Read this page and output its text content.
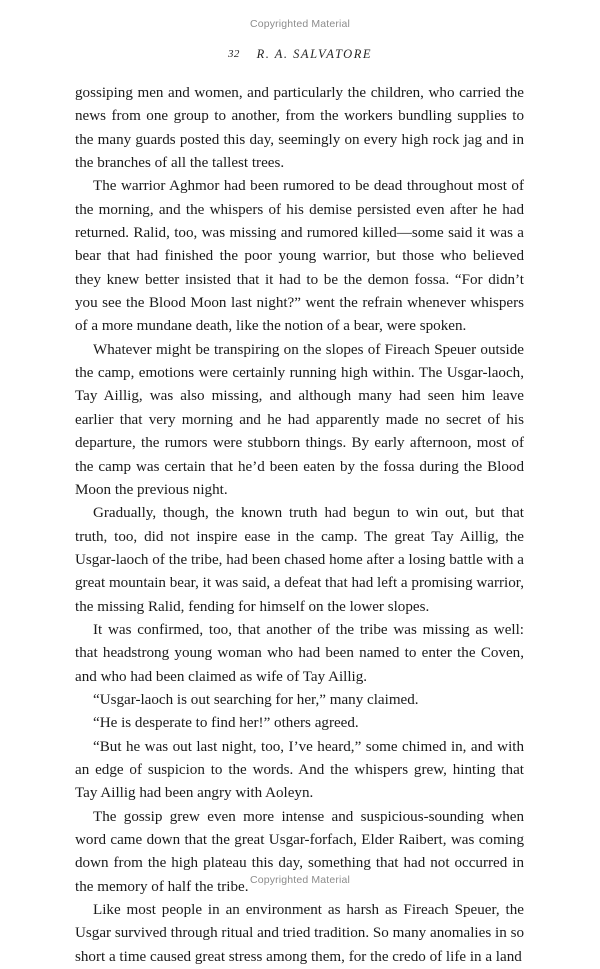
Copyrighted Material
32 R. A. SALVATORE

gossiping men and women, and particularly the children, who carried the news from one group to another, from the workers bundling supplies to the many guards posted this day, seemingly on every high rock jag and in the branches of all the tallest trees.

The warrior Aghmor had been rumored to be dead throughout most of the morning, and the whispers of his demise persisted even after he had returned. Ralid, too, was missing and rumored killed—some said it was a bear that had finished the poor young warrior, but those who believed they knew better insisted that it had to be the demon fossa. “For didn’t you see the Blood Moon last night?” went the refrain whenever whispers of a more mundane death, like the notion of a bear, were spoken.

Whatever might be transpiring on the slopes of Fireach Speuer outside the camp, emotions were certainly running high within. The Usgar-laoch, Tay Aillig, was also missing, and although many had seen him leave earlier that very morning and he had apparently made no secret of his departure, the rumors were stubborn things. By early afternoon, most of the camp was certain that he’d been eaten by the fossa during the Blood Moon the previous night.

Gradually, though, the known truth had begun to win out, but that truth, too, did not inspire ease in the camp. The great Tay Aillig, the Usgar-laoch of the tribe, had been chased home after a losing battle with a great mountain bear, it was said, a defeat that had left a promising warrior, the missing Ralid, fending for himself on the lower slopes.

It was confirmed, too, that another of the tribe was missing as well: that headstrong young woman who had been named to enter the Coven, and who had been claimed as wife of Tay Aillig.

“Usgar-laoch is out searching for her,” many claimed.

“He is desperate to find her!” others agreed.

“But he was out last night, too, I’ve heard,” some chimed in, and with an edge of suspicion to the words. And the whispers grew, hinting that Tay Aillig had been angry with Aoleyn.

The gossip grew even more intense and suspicious-sounding when word came down that the great Usgar-forfach, Elder Raibert, was coming down from the high plateau this day, something that had not occurred in the memory of half the tribe.

Like most people in an environment as harsh as Fireach Speuer, the Usgar survived through ritual and tried tradition. So many anomalies in so short a time caused great stress among them, for the credo of life in a land

Copyrighted Material
